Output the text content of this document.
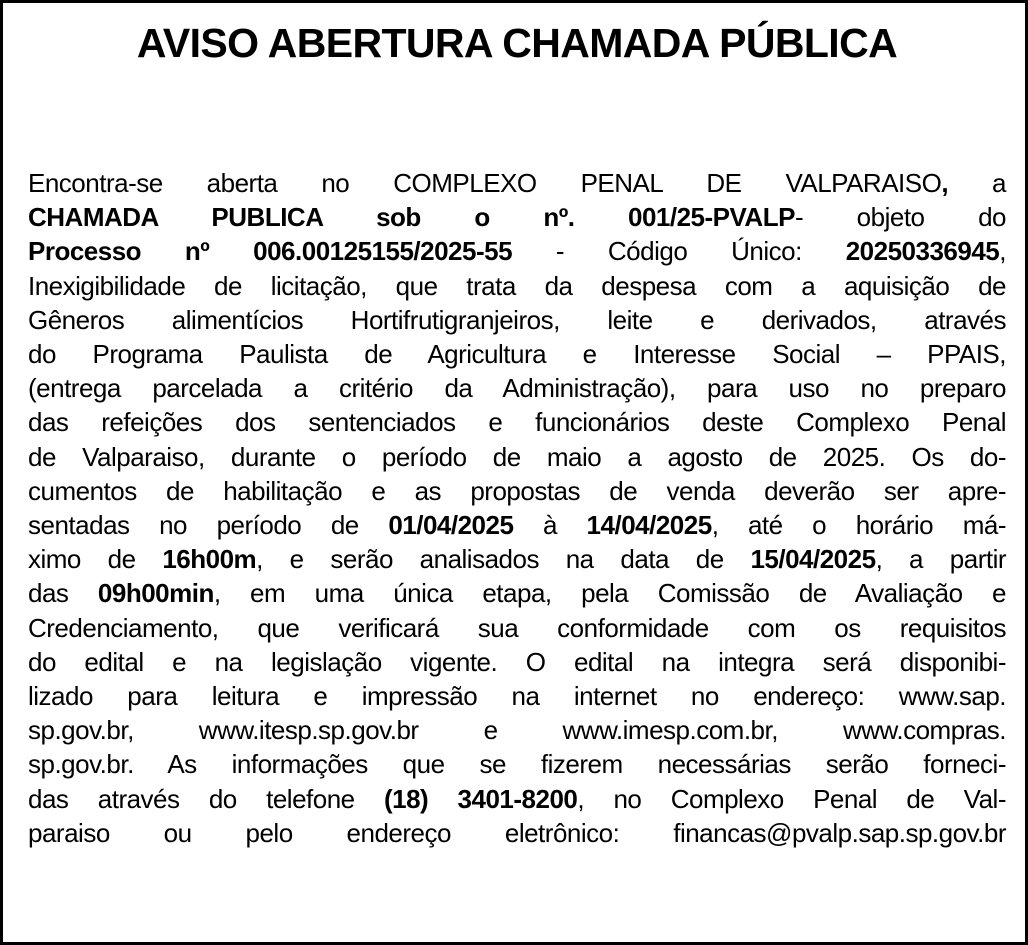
AVISO ABERTURA CHAMADA PÚBLICA
Encontra-se aberta no COMPLEXO PENAL DE VALPARAISO, a
CHAMADA PUBLICA sob o nº. 001/25-PVALP- objeto do
Processo nº 006.00125155/2025-55 - Código Único: 20250336945,
Inexigibilidade de licitação, que trata da despesa com a aquisição de
Gêneros alimentícios Hortifrutigranjeiros, leite e derivados, através
do Programa Paulista de Agricultura e Interesse Social – PPAIS,
(entrega parcelada a critério da Administração), para uso no preparo
das refeições dos sentenciados e funcionários deste Complexo Penal
de Valparaiso, durante o período de maio a agosto de 2025. Os do-
cumentos de habilitação e as propostas de venda deverão ser apre-
sentadas no período de 01/04/2025 à 14/04/2025, até o horário má-
ximo de 16h00m, e serão analisados na data de 15/04/2025, a partir
das 09h00min, em uma única etapa, pela Comissão de Avaliação e
Credenciamento, que verificará sua conformidade com os requisitos
do edital e na legislação vigente. O edital na integra será disponibi-
lizado para leitura e impressão na internet no endereço: www.sap.
sp.gov.br, www.itesp.sp.gov.br e www.imesp.com.br, www.compras.
sp.gov.br. As informações que se fizerem necessárias serão forneci-
das através do telefone (18) 3401-8200, no Complexo Penal de Val-
paraiso ou pelo endereço eletrônico: financas@pvalp.sap.sp.gov.br
